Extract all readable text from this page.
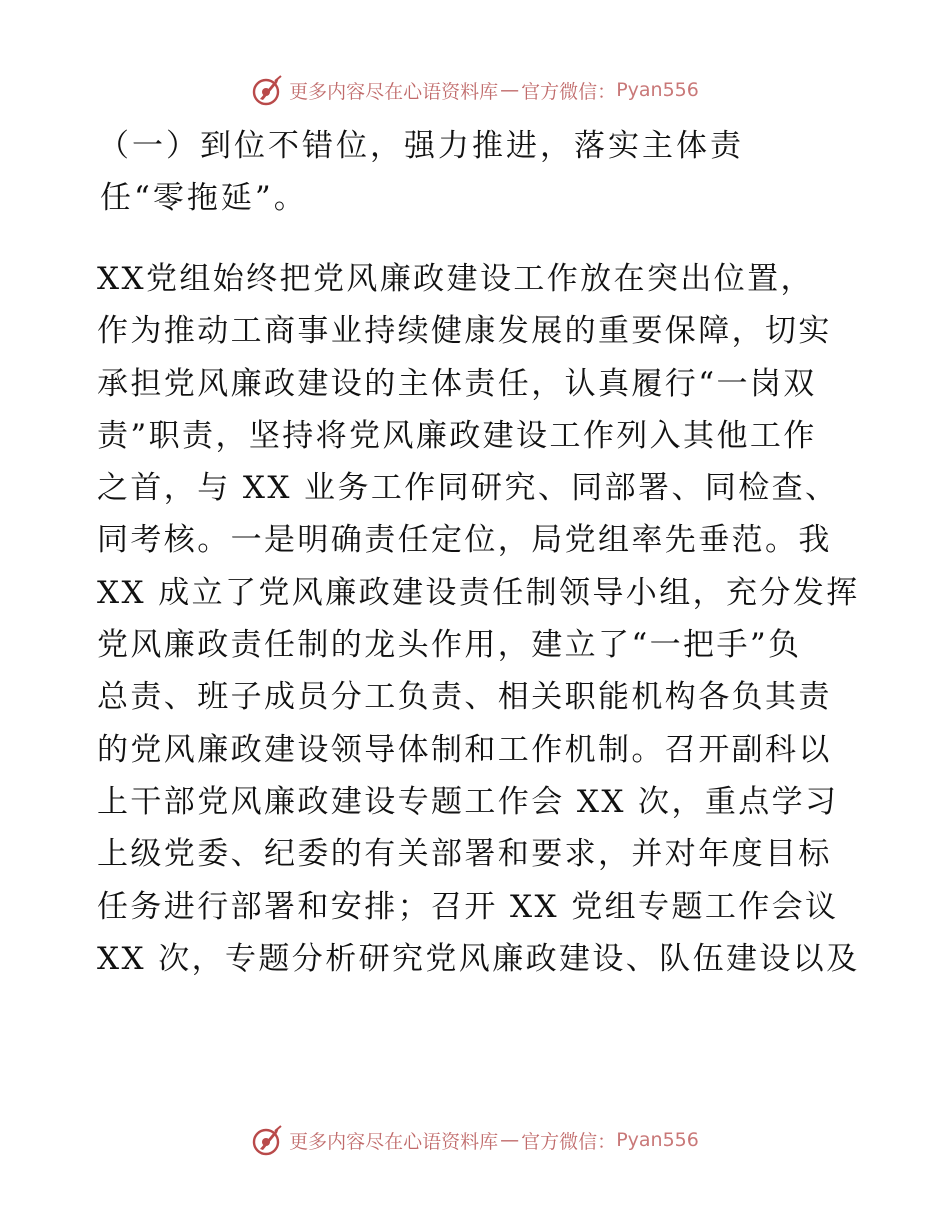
更多内容尽在心语资料库 — 官方微信： Pyan556
（一）到位不错位，强力推进，落实主体责
任“零拖延”。
XX党组始终把党风廉政建设工作放在突出位置，
作为推动工商事业持续健康发展的重要保障，切实
承担党风廉政建设的主体责任，认真履行“一岗双
责”职责，坚持将党风廉政建设工作列入其他工作
之首，与 XX 业务工作同研究、同部署、同检查、
同考核。一是明确责任定位，局党组率先垂范。我
XX 成立了党风廉政建设责任制领导小组，充分发挥
党风廉政责任制的龙头作用，建立了“一把手”负
总责、班子成员分工负责、相关职能机构各负其责
的党风廉政建设领导体制和工作机制。召开副科以
上干部党风廉政建设专题工作会 XX 次，重点学习
上级党委、纪委的有关部署和要求，并对年度目标
任务进行部署和安排；召开 XX 党组专题工作会议
XX 次，专题分析研究党风廉政建设、队伍建设以及
更多内容尽在心语资料库 — 官方微信： Pyan556
